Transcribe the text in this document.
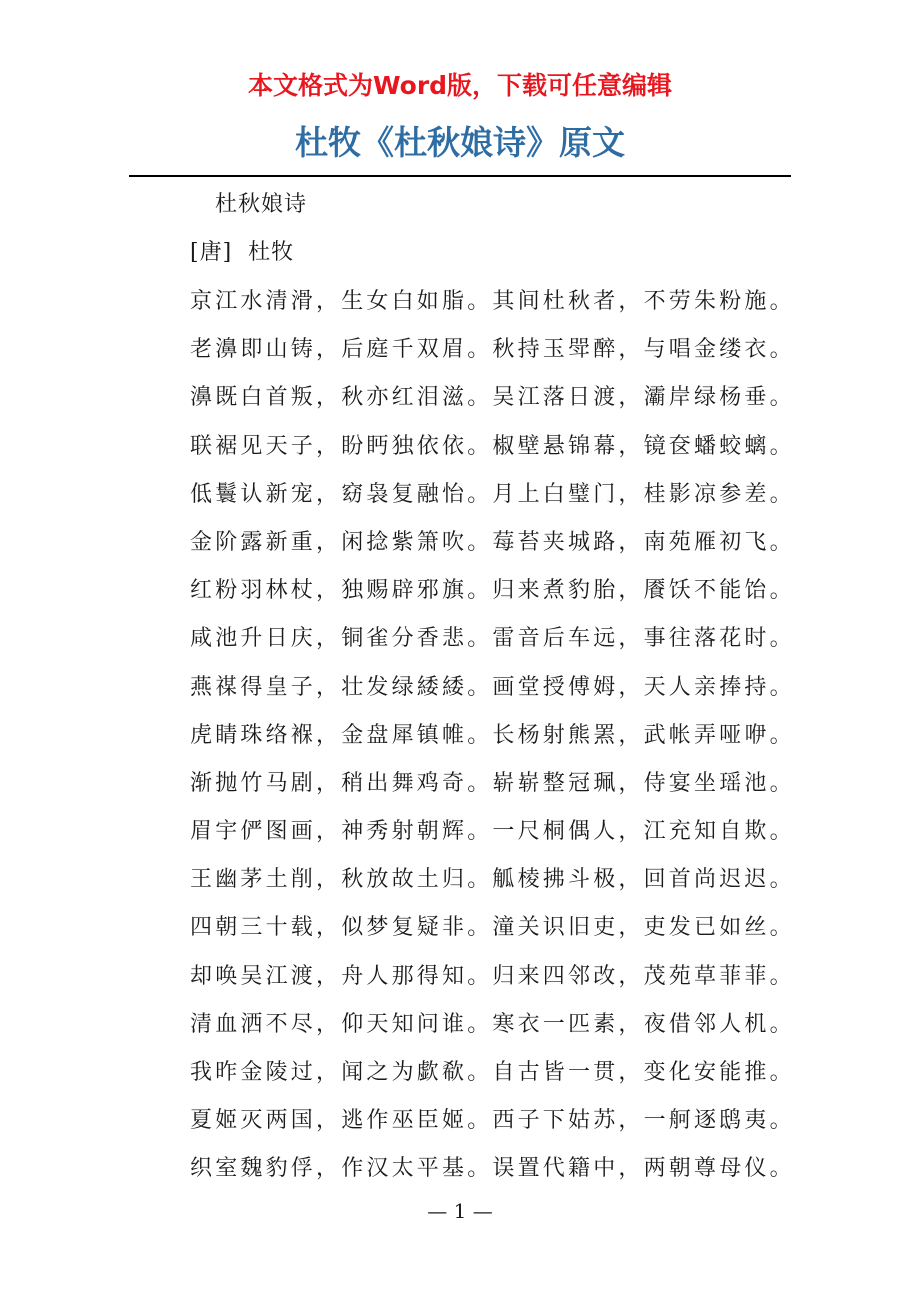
本文格式为Word版，下载可任意编辑
杜牧《杜秋娘诗》原文
杜秋娘诗
[唐]  杜牧
京江水清滑，生女白如脂。其间杜秋者，不劳朱粉施。
老濞即山铸，后庭千双眉。秋持玉斝醉，与唱金缕衣。
濞既白首叛，秋亦红泪滋。吴江落日渡，灞岸绿杨垂。
联裾见天子，盼眄独依依。椒壁悬锦幕，镜奁蟠蛟螭。
低鬟认新宠，窈袅复融怡。月上白璧门，桂影凉参差。
金阶露新重，闲捻紫箫吹。莓苔夹城路，南苑雁初飞。
红粉羽林杖，独赐辟邪旗。归来煮豹胎，餍饫不能饴。
咸池升日庆，铜雀分香悲。雷音后车远，事往落花时。
燕禖得皇子，壮发绿緌緌。画堂授傅姆，天人亲捧持。
虎睛珠络褓，金盘犀镇帷。长杨射熊罴，武帐弄哑咿。
渐抛竹马剧，稍出舞鸡奇。崭崭整冠珮，侍宴坐瑶池。
眉宇俨图画，神秀射朝辉。一尺桐偶人，江充知自欺。
王幽茅土削，秋放故土归。觚棱拂斗极，回首尚迟迟。
四朝三十载，似梦复疑非。潼关识旧吏，吏发已如丝。
却唤吴江渡，舟人那得知。归来四邻改，茂苑草菲菲。
清血洒不尽，仰天知问谁。寒衣一匹素，夜借邻人机。
我昨金陵过，闻之为歔欷。自古皆一贯，变化安能推。
夏姬灭两国，逃作巫臣姬。西子下姑苏，一舸逐鸱夷。
织室魏豹俘，作汉太平基。误置代籍中，两朝尊母仪。
— 1 —
